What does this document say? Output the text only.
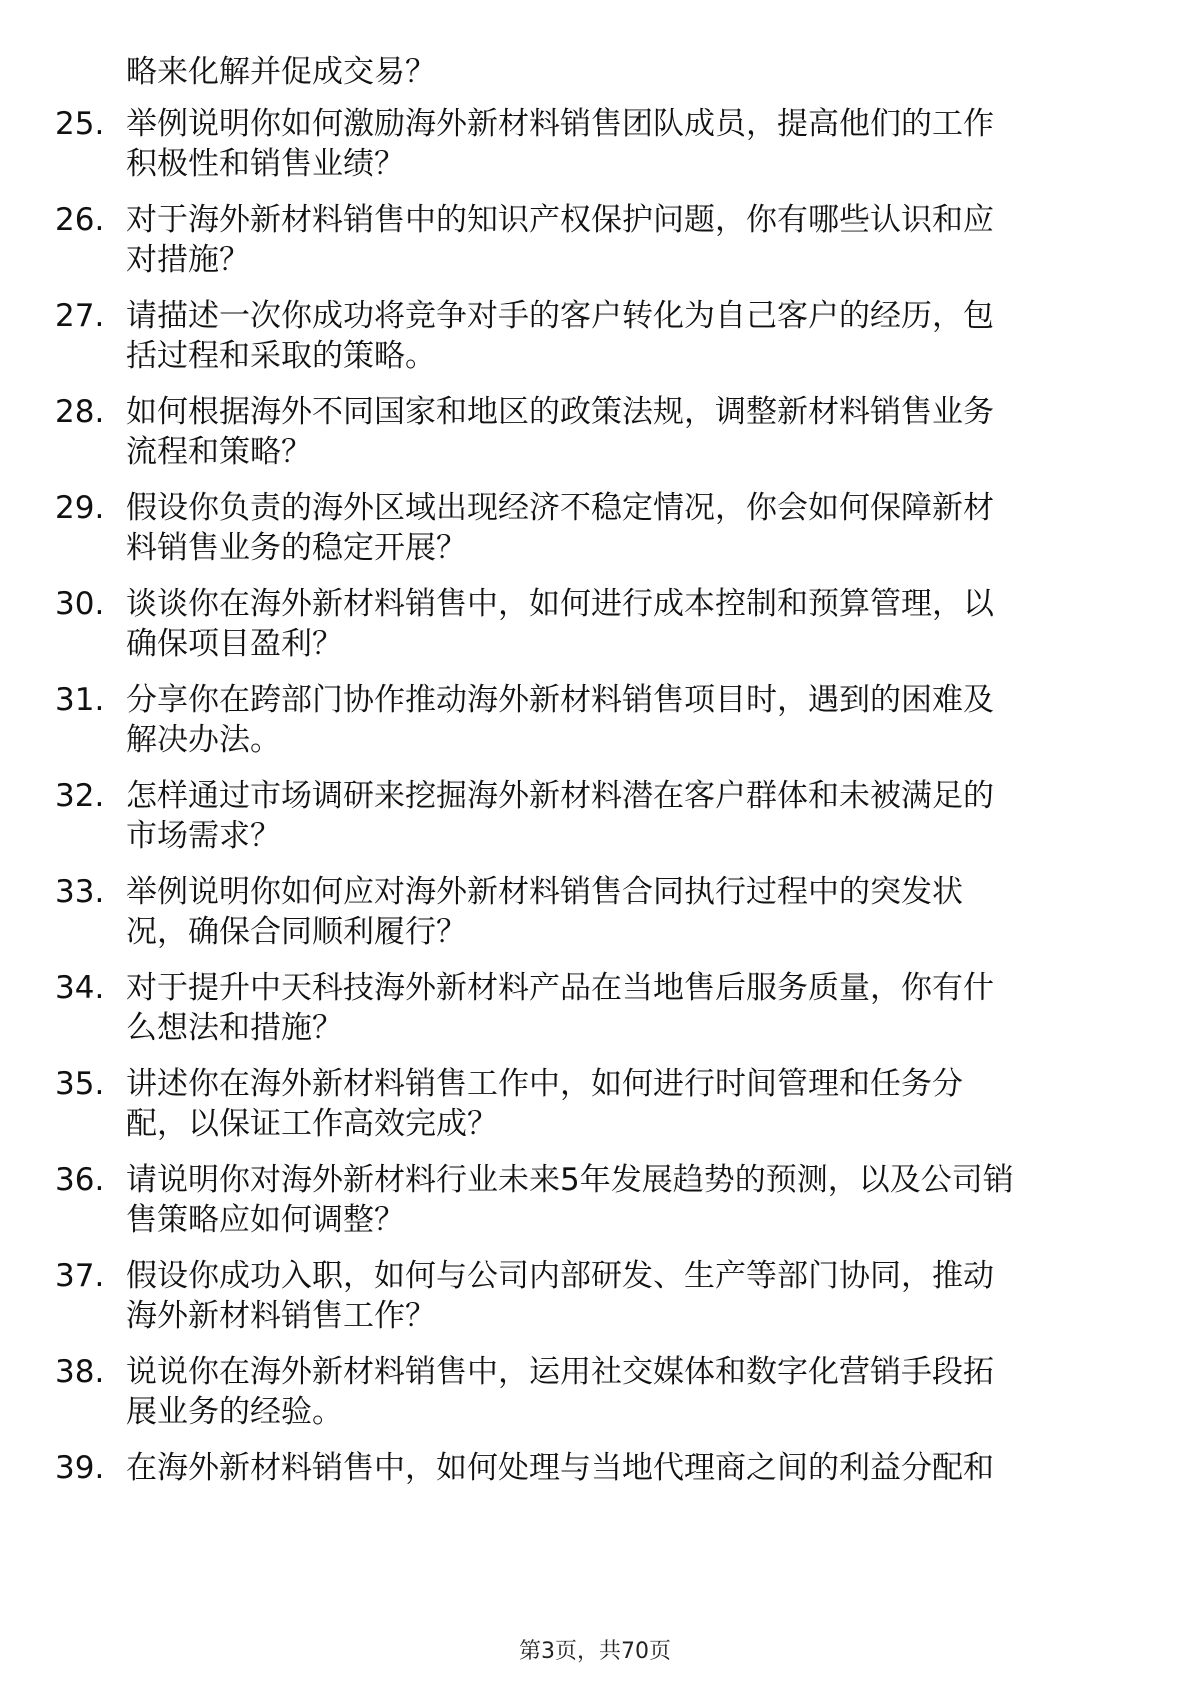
略来化解并促成交易？
25. 举例说明你如何激励海外新材料销售团队成员，提高他们的工作
积极性和销售业绩？
26. 对于海外新材料销售中的知识产权保护问题，你有哪些认识和应
对措施？
27. 请描述一次你成功将竞争对手的客户转化为自己客户的经历，包
括过程和采取的策略。
28. 如何根据海外不同国家和地区的政策法规，调整新材料销售业务
流程和策略？
29. 假设你负责的海外区域出现经济不稳定情况，你会如何保障新材
料销售业务的稳定开展？
30. 谈谈你在海外新材料销售中，如何进行成本控制和预算管理，以
确保项目盈利？
31. 分享你在跨部门协作推动海外新材料销售项目时，遇到的困难及
解决办法。
32. 怎样通过市场调研来挖掘海外新材料潜在客户群体和未被满足的
市场需求？
33. 举例说明你如何应对海外新材料销售合同执行过程中的突发状
况，确保合同顺利履行？
34. 对于提升中天科技海外新材料产品在当地售后服务质量，你有什
么想法和措施？
35. 讲述你在海外新材料销售工作中，如何进行时间管理和任务分
配，以保证工作高效完成？
36. 请说明你对海外新材料行业未来5年发展趋势的预测，以及公司销
售策略应如何调整？
37. 假设你成功入职，如何与公司内部研发、生产等部门协同，推动
海外新材料销售工作？
38. 说说你在海外新材料销售中，运用社交媒体和数字化营销手段拓
展业务的经验。
39. 在海外新材料销售中，如何处理与当地代理商之间的利益分配和
第3页，共70页
